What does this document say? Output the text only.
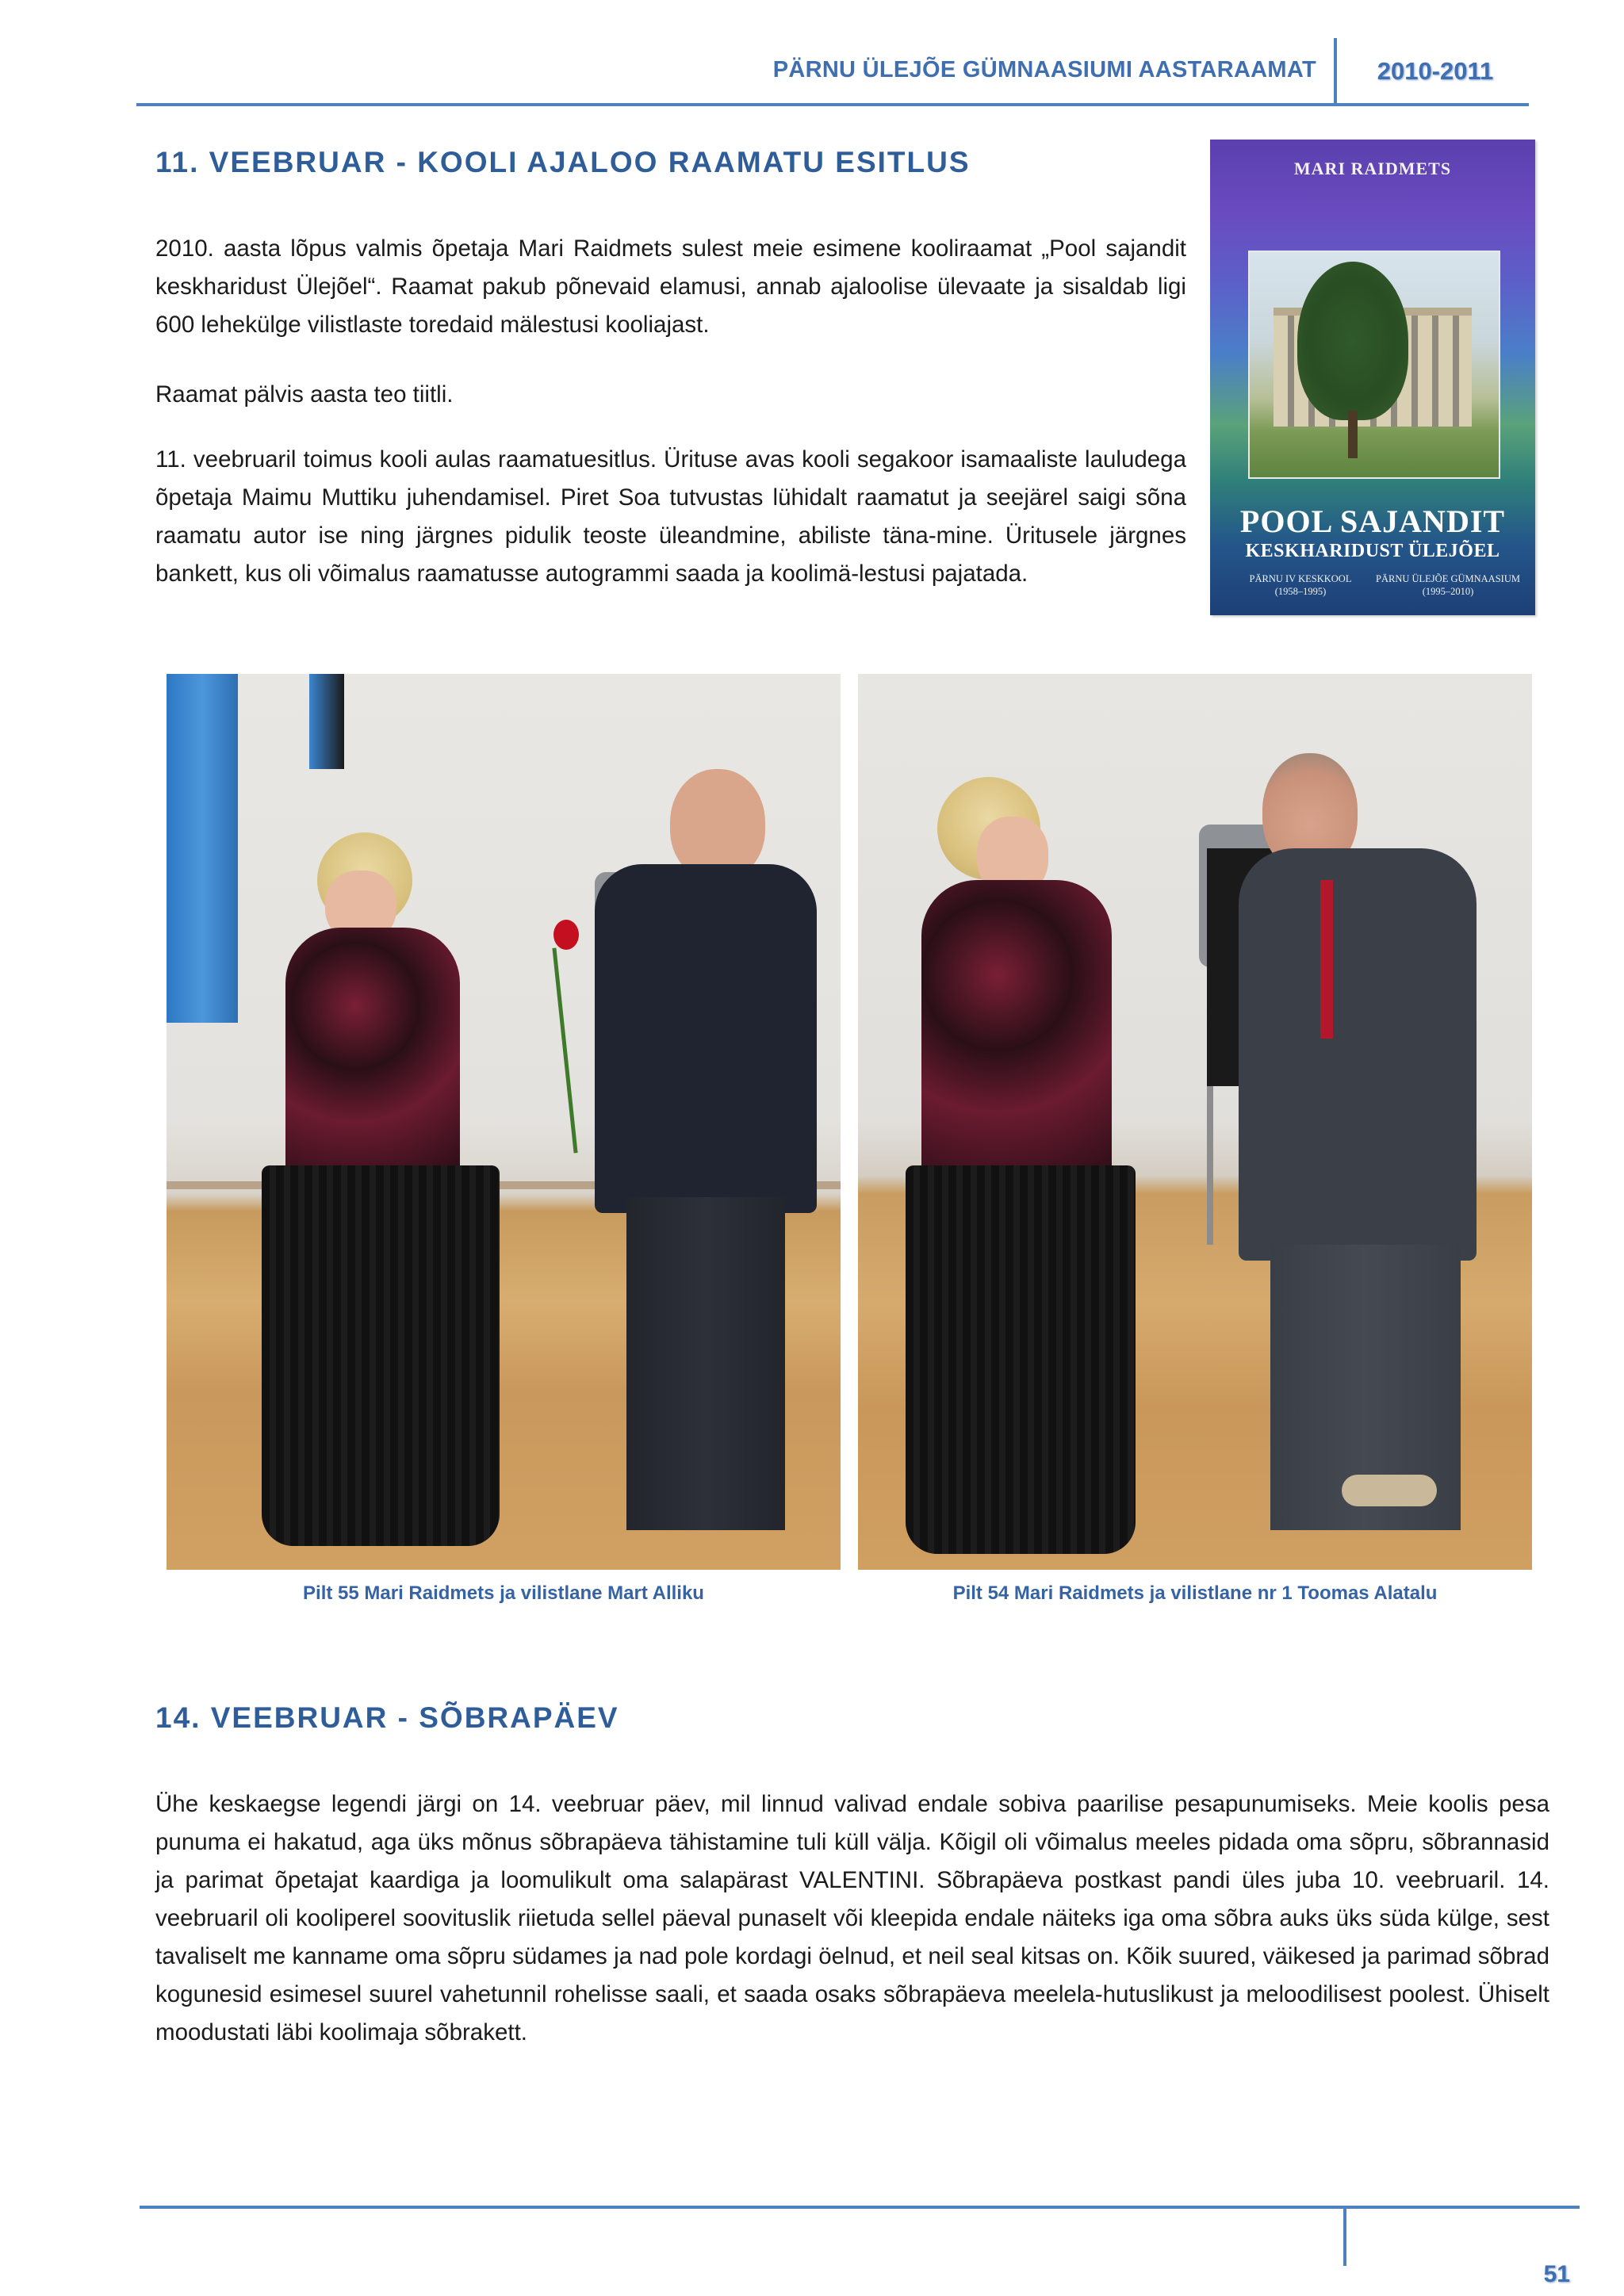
PÄRNU ÜLEJÕE GÜMNAASIUMI AASTARAAMAT	2010-2011
11. VEEBRUAR - KOOLI AJALOO RAAMATU ESITLUS
2010. aasta lõpus valmis õpetaja Mari Raidmets sulest meie esimene kooliraamat „Pool sajandit keskharidust Ülejõel“. Raamat pakub põnevaid elamusi, annab ajaloolise ülevaate ja sisaldab ligi 600 lehekülge vilistlaste toredaid mälestusi kooliajast.
Raamat pälvis aasta teo tiitli.
11. veebruaril toimus kooli aulas raamatuesitlus. Ürituse avas kooli segakoor isamaaliste lauludega õpetaja Maimu Muttiku juhendamisel. Piret Soa tutvustas lühidalt raamatut ja seejärel saigi sõna raamatu autor ise ning järgnes pidulik teoste üleandmine, abiliste täna-mine. Üritusele järgnes bankett, kus oli võimalus raamatusse autogrammi saada ja koolimä-lestusi pajatada.
MARI RAIDMETS
POOL SAJANDIT
KESKHARIDUST ÜLEJÕEL
PÄRNU IV KESKKOOL
(1958–1995)
PÄRNU ÜLEJÕE GÜMNAASIUM
(1995–2010)
Pilt 55 Mari Raidmets ja vilistlane Mart Alliku	Pilt 54 Mari Raidmets ja vilistlane nr 1 Toomas Alatalu
14. VEEBRUAR - SÕBRAPÄEV
Ühe keskaegse legendi järgi on 14. veebruar päev, mil linnud valivad endale sobiva paarilise pesapunumiseks. Meie koolis pesa punuma ei hakatud, aga üks mõnus sõbrapäeva tähistamine tuli küll välja. Kõigil oli võimalus meeles pidada oma sõpru, sõbrannasid ja parimat õpetajat kaardiga ja loomulikult oma salapärast VALENTINI. Sõbrapäeva postkast pandi üles juba 10. veebruaril. 14. veebruaril oli kooliperel soovituslik riietuda sellel päeval punaselt või kleepida endale näiteks iga oma sõbra auks üks süda külge, sest tavaliselt me kanname oma sõpru südames ja nad pole kordagi öelnud, et neil seal kitsas on. Kõik suured, väikesed ja parimad sõbrad kogunesid esimesel suurel vahetunnil rohelisse saali, et saada osaks sõbrapäeva meelela-hutuslikust ja meloodilisest poolest. Ühiselt moodustati läbi koolimaja sõbrakett.
51
